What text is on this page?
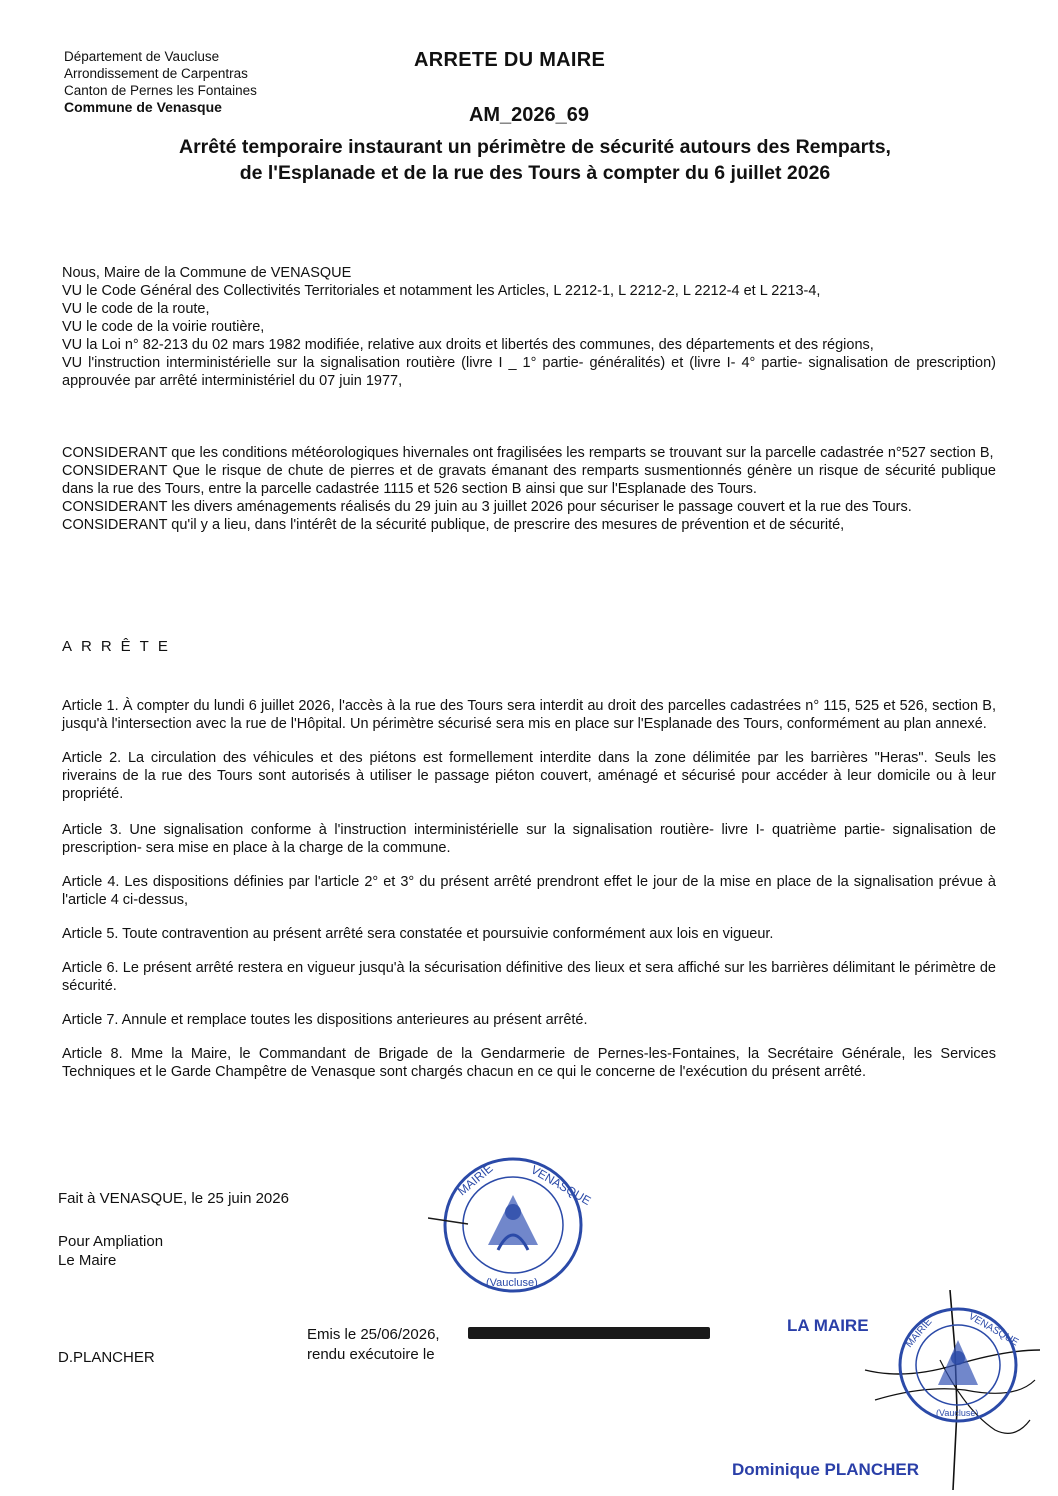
Département de Vaucluse
Arrondissement de Carpentras
Canton de Pernes les Fontaines
Commune de Venasque
ARRETE DU MAIRE
AM_2026_69
Arrêté temporaire instaurant un périmètre de sécurité autours des Remparts,
de l'Esplanade et de la rue des Tours à compter du 6 juillet 2026

Nous, Maire de la Commune de VENASQUE

VU le Code Général des Collectivités Territoriales et notamment les Articles, L 2212-1, L 2212-2, L 2212-4 et L 2213-4,

VU le code de la route,

VU le code de la voirie routière,

VU la Loi n° 82-213 du 02 mars 1982 modifiée, relative aux droits et libertés des communes, des départements et des régions,

VU l'instruction interministérielle sur la signalisation routière (livre I _ 1° partie- généralités) et (livre I- 4° partie- signalisation de prescription) approuvée par arrêté interministériel du 07 juin 1977,

CONSIDERANT que les conditions météorologiques hivernales ont fragilisées les remparts se trouvant sur la parcelle cadastrée n°527 section B,

CONSIDERANT Que le risque de chute de pierres et de gravats émanant des remparts susmentionnés génère un risque de sécurité publique dans la rue des Tours, entre la parcelle cadastrée 1115 et 526 section B ainsi que sur l'Esplanade des Tours.

CONSIDERANT les divers aménagements réalisés du 29 juin au 3 juillet 2026 pour sécuriser le passage couvert et la rue des Tours.

CONSIDERANT qu'il y a lieu, dans l'intérêt de la sécurité publique, de prescrire des mesures de prévention et de sécurité,

ARRÊTE

Article 1. À compter du lundi 6 juillet 2026, l'accès à la rue des Tours sera interdit au droit des parcelles cadastrées n° 115, 525 et 526, section B, jusqu'à l'intersection avec la rue de l'Hôpital. Un périmètre sécurisé sera mis en place sur l'Esplanade des Tours, conformément au plan annexé.

Article 2. La circulation des véhicules et des piétons est formellement interdite dans la zone délimitée par les barrières "Heras". Seuls les riverains de la rue des Tours sont autorisés à utiliser le passage piéton couvert, aménagé et sécurisé pour accéder à leur domicile ou à leur propriété.

Article 3. Une signalisation conforme à l'instruction interministérielle sur la signalisation routière- livre I- quatrième partie- signalisation de prescription- sera mise en place à la charge de la commune.

Article 4. Les dispositions définies par l'article 2° et 3° du présent arrêté prendront effet le jour de la mise en place de la signalisation prévue à l'article 4 ci-dessus,

Article 5. Toute contravention au présent arrêté sera constatée et poursuivie conformément aux lois en vigueur.

Article 6. Le présent arrêté restera en vigueur jusqu'à la sécurisation définitive des lieux et sera affiché sur les barrières délimitant le périmètre de sécurité.

Article 7. Annule et remplace toutes les dispositions anterieures au présent arrêté.

Article 8. Mme la Maire, le Commandant de Brigade de la Gendarmerie de Pernes-les-Fontaines, la Secrétaire Générale, les Services Techniques et le Garde Champêtre de Venasque sont chargés chacun en ce qui le concerne de l'exécution du présent arrêté.

Fait à VENASQUE, le 25 juin 2026
Pour Ampliation
Le Maire
D.PLANCHER
Emis le 25/06/2026,
rendu exécutoire le
MAIRIE	VENASQUE
(Vaucluse)
LA MAIRE	MAIRIE	VENASQUE
(Vaucluse)
Dominique PLANCHER
